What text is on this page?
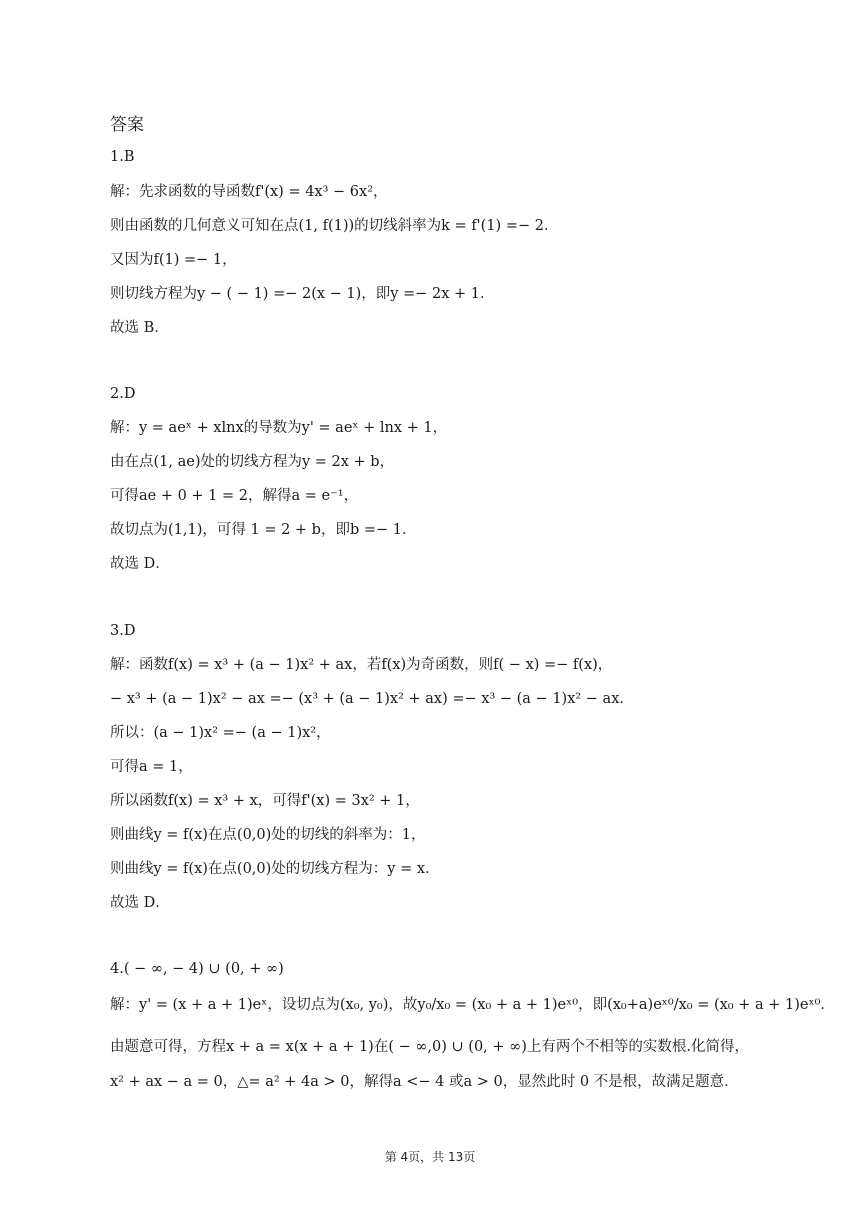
答案
1.B
解：先求函数的导函数f'(x) = 4x³ − 6x²，
则由函数的几何意义可知在点(1, f(1))的切线斜率为k = f'(1) =− 2．
又因为f(1) =− 1，
则切线方程为y − ( − 1) =− 2(x − 1)，即y =− 2x + 1．
故选 B．
2.D
解：y = aeˣ + xlnx的导数为y' = aeˣ + lnx + 1，
由在点(1, ae)处的切线方程为y = 2x + b，
可得ae + 0 + 1 = 2，解得a = e⁻¹，
故切点为(1,1)，可得 1 = 2 + b，即b =− 1．
故选 D．
3.D
解：函数f(x) = x³ + (a − 1)x² + ax，若f(x)为奇函数，则f( − x) =− f(x)，
− x³ + (a − 1)x² − ax =− (x³ + (a − 1)x² + ax) =− x³ − (a − 1)x² − ax．
所以：(a − 1)x² =− (a − 1)x²，
可得a = 1，
所以函数f(x) = x³ + x，可得f'(x) = 3x² + 1，
则曲线y = f(x)在点(0,0)处的切线的斜率为：1，
则曲线y = f(x)在点(0,0)处的切线方程为：y = x．
故选 D．
4.( − ∞, − 4) ∪ (0, + ∞)
解：y' = (x + a + 1)eˣ，设切点为(x₀, y₀)，故y₀/x₀ = (x₀ + a + 1)eˣ⁰，即(x₀+a)eˣ⁰/x₀ = (x₀ + a + 1)eˣ⁰．
由题意可得，方程x + a = x(x + a + 1)在( − ∞,0) ∪ (0, + ∞)上有两个不相等的实数根.化简得，
x² + ax − a = 0，△= a² + 4a > 0，解得a <− 4 或a > 0，显然此时 0 不是根，故满足题意．
第 4页，共 13页
